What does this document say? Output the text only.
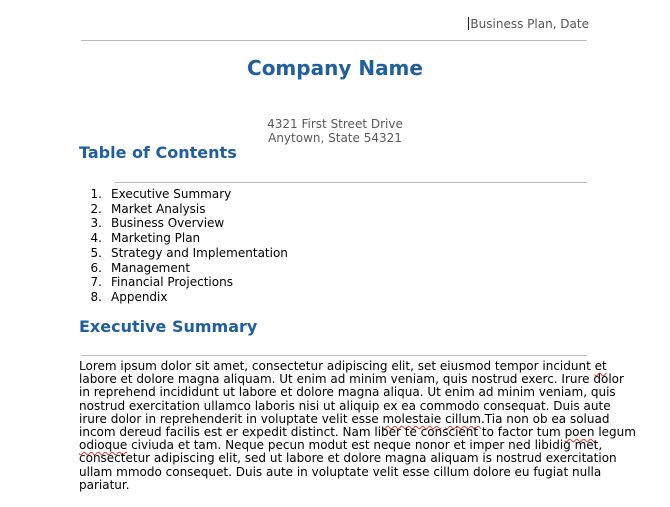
Business Plan, Date
Company Name
4321 First Street Drive
Anytown, State 54321
Table of Contents
1. Executive Summary
2. Market Analysis
3. Business Overview
4. Marketing Plan
5. Strategy and Implementation
6. Management
7. Financial Projections
8. Appendix
Executive Summary
Lorem ipsum dolor sit amet, consectetur adipiscing elit, set eiusmod tempor incidunt et
labore et dolore magna aliquam. Ut enim ad minim veniam, quis nostrud exerc. Irure dolor
in reprehend incididunt ut labore et dolore magna aliqua. Ut enim ad minim veniam, quis
nostrud exercitation ullamco laboris nisi ut aliquip ex ea commodo consequat. Duis aute
irure dolor in reprehenderit in voluptate velit esse molestaie cillum.Tia non ob ea soluad
incom dereud facilis est er expedit distinct. Nam liber te conscient to factor tum poen legum
odioque civiuda et tam. Neque pecun modut est neque nonor et imper ned libidig met,
consectetur adipiscing elit, sed ut labore et dolore magna aliquam is nostrud exercitation
ullam mmodo consequet. Duis aute in voluptate velit esse cillum dolore eu fugiat nulla
pariatur.
